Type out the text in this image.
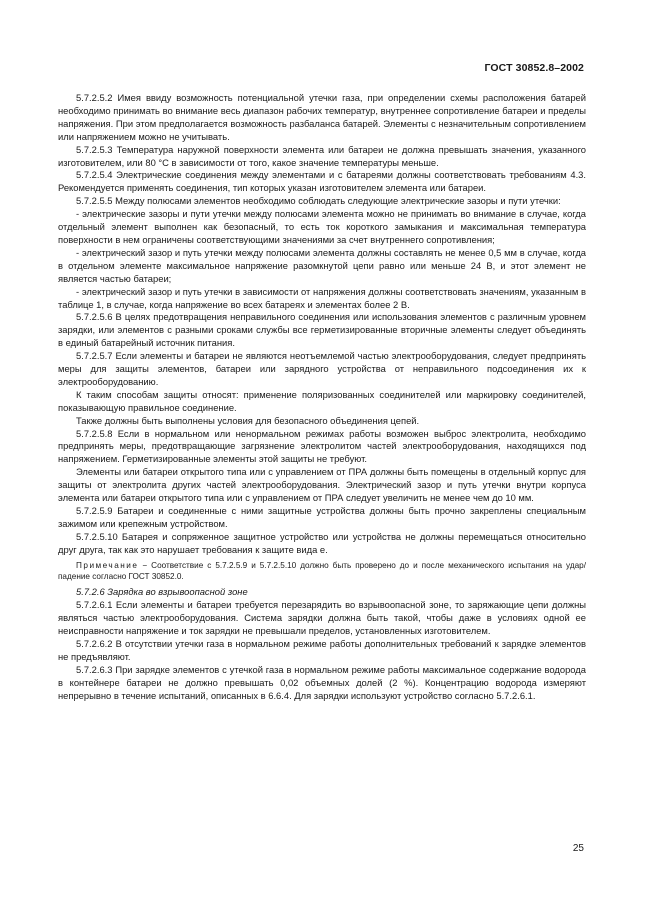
ГОСТ 30852.8–2002

5.7.2.5.2 Имея ввиду возможность потенциальной утечки газа, при определении схемы расположения батарей необходимо принимать во внимание весь диапазон рабочих температур, внутреннее сопротивление батареи и пределы напряжения. При этом предполагается возможность разбаланса батарей. Элементы с незначительным сопротивлением или напряжением можно не учитывать.

5.7.2.5.3 Температура наружной поверхности элемента или батареи не должна превышать значения, указанного изготовителем, или 80 °С в зависимости от того, какое значение температуры меньше.

5.7.2.5.4 Электрические соединения между элементами и с батареями должны соответствовать требованиям 4.3. Рекомендуется применять соединения, тип которых указан изготовителем элемента или батареи.

5.7.2.5.5 Между полюсами элементов необходимо соблюдать следующие электрические зазоры и пути утечки:

- электрические зазоры и пути утечки между полюсами элемента можно не принимать во внимание в случае, когда отдельный элемент выполнен как безопасный, то есть ток короткого замыкания и максимальная температура поверхности в нем ограничены соответствующими значениями за счет внутреннего сопротивления;

- электрический зазор и путь утечки между полюсами элемента должны составлять не менее 0,5 мм в случае, когда в отдельном элементе максимальное напряжение разомкнутой цепи равно или меньше 24 В, и этот элемент не является частью батареи;

- электрический зазор и путь утечки в зависимости от напряжения должны соответствовать значениям, указанным в таблице 1, в случае, когда напряжение во всех батареях и элементах более 2 В.

5.7.2.5.6 В целях предотвращения неправильного соединения или использования элементов с различным уровнем зарядки, или элементов с разными сроками службы все герметизированные вторичные элементы следует объединять в единый батарейный источник питания.

5.7.2.5.7 Если элементы и батареи не являются неотъемлемой частью электрооборудования, следует предпринять меры для защиты элементов, батареи или зарядного устройства от неправильного подсоединения их к электрооборудованию.

К таким способам защиты относят: применение поляризованных соединителей или маркировку соединителей, показывающую правильное соединение.

Также должны быть выполнены условия для безопасного объединения цепей.

5.7.2.5.8 Если в нормальном или ненормальном режимах работы возможен выброс электролита, необходимо предпринять меры, предотвращающие загрязнение электролитом частей электрооборудования, находящихся под напряжением. Герметизированные элементы этой защиты не требуют.

Элементы или батареи открытого типа или с управлением от ПРА должны быть помещены в отдельный корпус для защиты от электролита других частей электрооборудования. Электрический зазор и путь утечки внутри корпуса элемента или батареи открытого типа или с управлением от ПРА следует увеличить не менее чем до 10 мм.

5.7.2.5.9 Батареи и соединенные с ними защитные устройства должны быть прочно закреплены специальным зажимом или крепежным устройством.

5.7.2.5.10 Батарея и сопряженное защитное устройство или устройства не должны перемещаться относительно друг друга, так как это нарушает требования к защите вида е.

Примечание − Соответствие с 5.7.2.5.9 и 5.7.2.5.10 должно быть проверено до и после механического испытания на удар/падение согласно ГОСТ 30852.0.

5.7.2.6 Зарядка во взрывоопасной зоне

5.7.2.6.1 Если элементы и батареи требуется перезарядить во взрывоопасной зоне, то заряжающие цепи должны являться частью электрооборудования. Система зарядки должна быть такой, чтобы даже в условиях одной ее неисправности напряжение и ток зарядки не превышали пределов, установленных изготовителем.

5.7.2.6.2 В отсутствии утечки газа в нормальном режиме работы дополнительных требований к зарядке элементов не предъявляют.

5.7.2.6.3 При зарядке элементов с утечкой газа в нормальном режиме работы максимальное содержание водорода в контейнере батареи не должно превышать 0,02 объемных долей (2 %). Концентрацию водорода измеряют непрерывно в течение испытаний, описанных в 6.6.4. Для зарядки используют устройство согласно 5.7.2.6.1.

25
